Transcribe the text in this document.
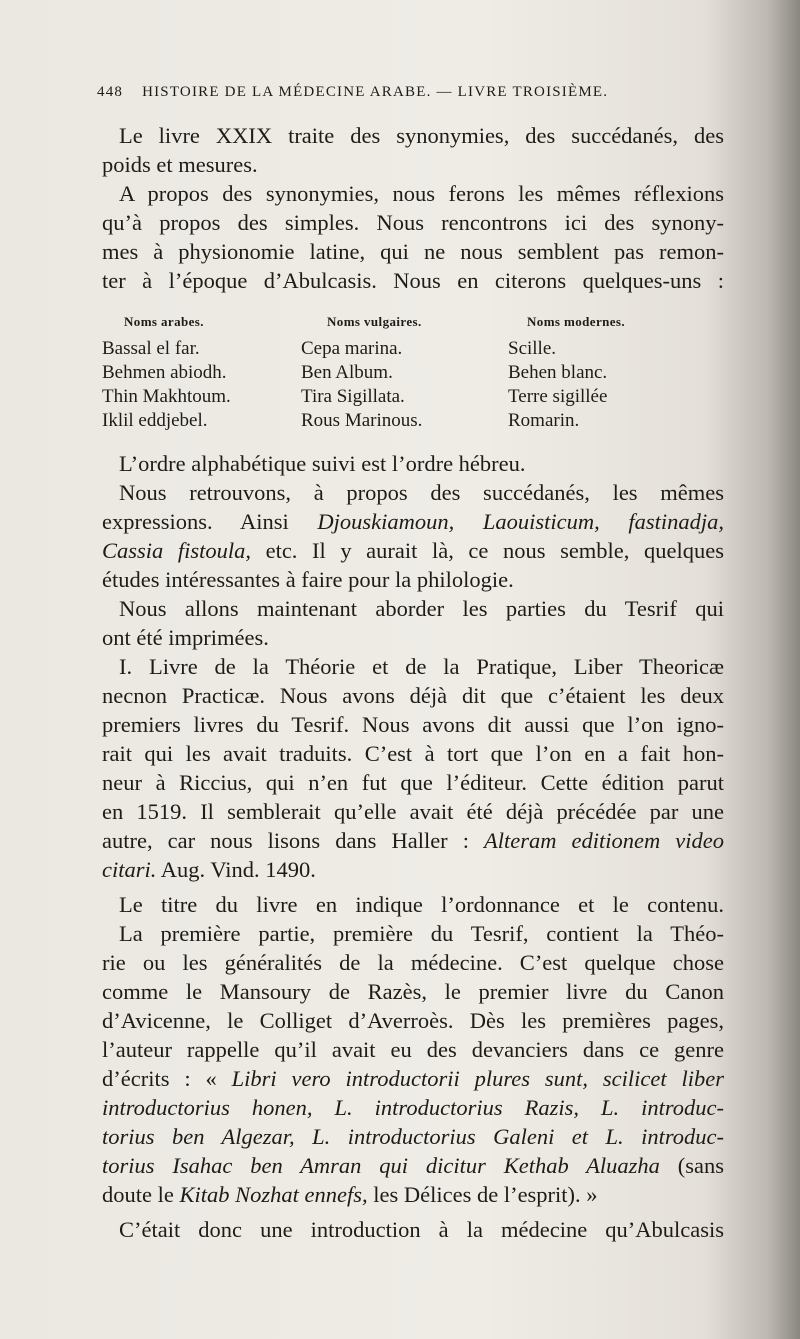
448 HISTOIRE DE LA MÉDECINE ARABE. — LIVRE TROISIÈME.
Le livre XXIX traite des synonymies, des succédanés, des
poids et mesures.
A propos des synonymies, nous ferons les mêmes réflexions
qu’à propos des simples. Nous rencontrons ici des synony-
mes à physionomie latine, qui ne nous semblent pas remon-
ter à l’époque d’Abulcasis. Nous en citerons quelques-uns :
Noms arabes.	Noms vulgaires.	Noms modernes.
Bassal el far.	Cepa marina.	Scille.
Behmen abiodh.	Ben Album.	Behen blanc.
Thin Makhtoum.	Tira Sigillata.	Terre sigillée
Iklil eddjebel.	Rous Marinous.	Romarin.
L’ordre alphabétique suivi est l’ordre hébreu.
Nous retrouvons, à propos des succédanés, les mêmes
expressions. Ainsi Djouskiamoun, Laouisticum, fastinadja,
Cassia fistoula, etc. Il y aurait là, ce nous semble, quelques
études intéressantes à faire pour la philologie.
Nous allons maintenant aborder les parties du Tesrif qui
ont été imprimées.
I. Livre de la Théorie et de la Pratique, Liber Theoricæ
necnon Practicæ. Nous avons déjà dit que c’étaient les deux
premiers livres du Tesrif. Nous avons dit aussi que l’on igno-
rait qui les avait traduits. C’est à tort que l’on en a fait hon-
neur à Riccius, qui n’en fut que l’éditeur. Cette édition parut
en 1519. Il semblerait qu’elle avait été déjà précédée par une
autre, car nous lisons dans Haller : Alteram editionem video
citari. Aug. Vind. 1490.
Le titre du livre en indique l’ordonnance et le contenu.
La première partie, première du Tesrif, contient la Théo-
rie ou les généralités de la médecine. C’est quelque chose
comme le Mansoury de Razès, le premier livre du Canon
d’Avicenne, le Colliget d’Averroès. Dès les premières pages,
l’auteur rappelle qu’il avait eu des devanciers dans ce genre
d’écrits : « Libri vero introductorii plures sunt, scilicet liber
introductorius honen, L. introductorius Razis, L. introduc-
torius ben Algezar, L. introductorius Galeni et L. introduc-
torius Isahac ben Amran qui dicitur Kethab Aluazha (sans
doute le Kitab Nozhat ennefs, les Délices de l’esprit). »
C’était donc une introduction à la médecine qu’Abulcasis
